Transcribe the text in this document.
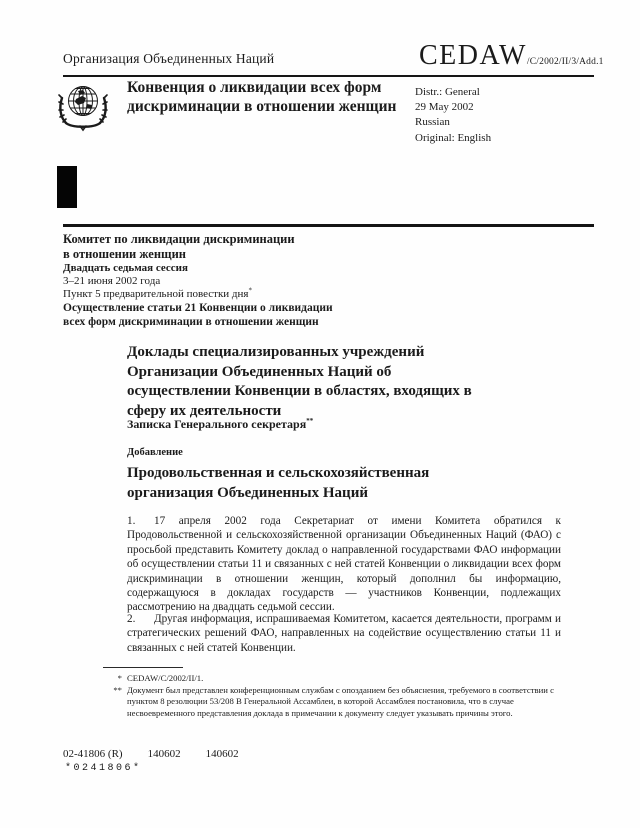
Организация Объединенных Наций	CEDAW /C/2002/II/3/Add.1
Конвенция о ликвидации всех форм дискриминации в отношении женщин
Distr.: General
29 May 2002
Russian
Original: English
Комитет по ликвидации дискриминации
в отношении женщин
Двадцать седьмая сессия
3–21 июня 2002 года
Пункт 5 предварительной повестки дня*
Осуществление статьи 21 Конвенции о ликвидации
всех форм дискриминации в отношении женщин
Доклады специализированных учреждений Организации Объединенных Наций об осуществлении Конвенции в областях, входящих в сферу их деятельности
Записка Генерального секретаря**
Добавление
Продовольственная и сельскохозяйственная организация Объединенных Наций
1. 17 апреля 2002 года Секретариат от имени Комитета обратился к Продовольственной и сельскохозяйственной организации Объединенных Наций (ФАО) с просьбой представить Комитету доклад о направленной государствами ФАО информации об осуществлении статьи 11 и связанных с ней статей Конвенции о ликвидации всех форм дискриминации в отношении женщин, который дополнил бы информацию, содержащуюся в докладах государств — участников Конвенции, подлежащих рассмотрению на двадцать седьмой сессии.
2. Другая информация, испрашиваемая Комитетом, касается деятельности, программ и стратегических решений ФАО, направленных на содействие осуществлению статьи 11 и связанных с ней статей Конвенции.
* CEDAW/C/2002/II/1.
** Документ был представлен конференционным службам с опозданием без объяснения, требуемого в соответствии с пунктом 8 резолюции 53/208 В Генеральной Ассамблеи, в которой Ассамблея постановила, что в случае несвоевременного представления доклада в примечании к документу следует указывать причины этого.
02-41806 (R) 140602 140602
*0241806*
